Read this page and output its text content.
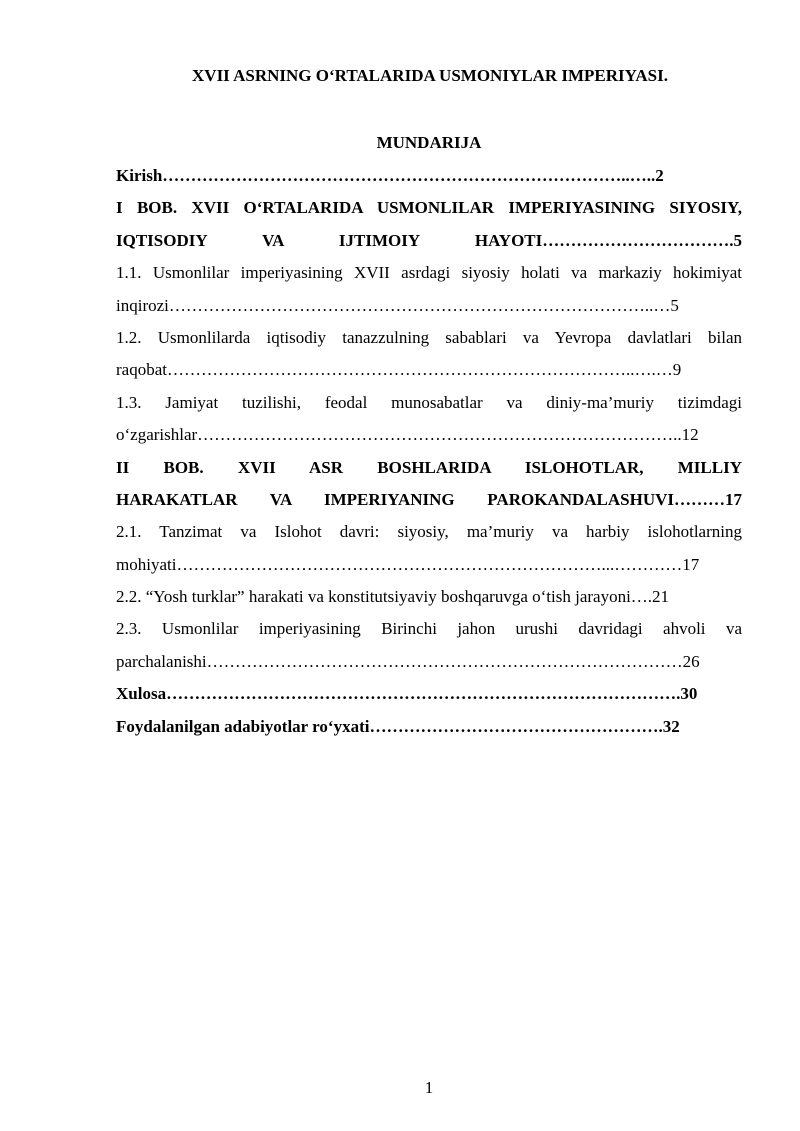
XVII ASRNING O‘RTALARIDA USMONIYLAR IMPERIYASI.
MUNDARIJA
Kirish………………………………………………………………………..…..2
I BOB. XVII O‘RTALARIDA USMONLILAR IMPERIYASINING SIYOSIY,
IQTISODIY VA IJTIMOIY HAYOTI…………………………….5
1.1. Usmonlilar imperiyasining XVII asrdagi siyosiy holati va markaziy hokimiyat
inqirozi…………………………………………………………………………..…5
1.2. Usmonlilarda iqtisodiy tanazzulning sabablari va Yevropa davlatlari bilan
raqobat………………………………………………………………………..….…9
1.3. Jamiyat tuzilishi, feodal munosabatlar va diniy-ma’muriy tizimdagi
o‘zgarishlar…………………………………………………………………………..12
II BOB. XVII ASR BOSHLARIDA ISLOHOTLAR, MILLIY
HARAKATLAR VA IMPERIYANING PAROKANDALASHUVI………17
2.1. Tanzimat va Islohot davri: siyosiy, ma’muriy va harbiy islohotlarning
mohiyati…………………………………………………………………...…………17
2.2. “Yosh turklar” harakati va konstitutsiyaviy boshqaruvga o‘tish jarayoni….21
2.3. Usmonlilar imperiyasining Birinchi jahon urushi davridagi ahvoli va
parchalanishi…………………………………………………………………………26
Xulosa……………………………………………………………………………….30
Foydalanilgan adabiyotlar ro‘yxati…………………………………………….32
1
